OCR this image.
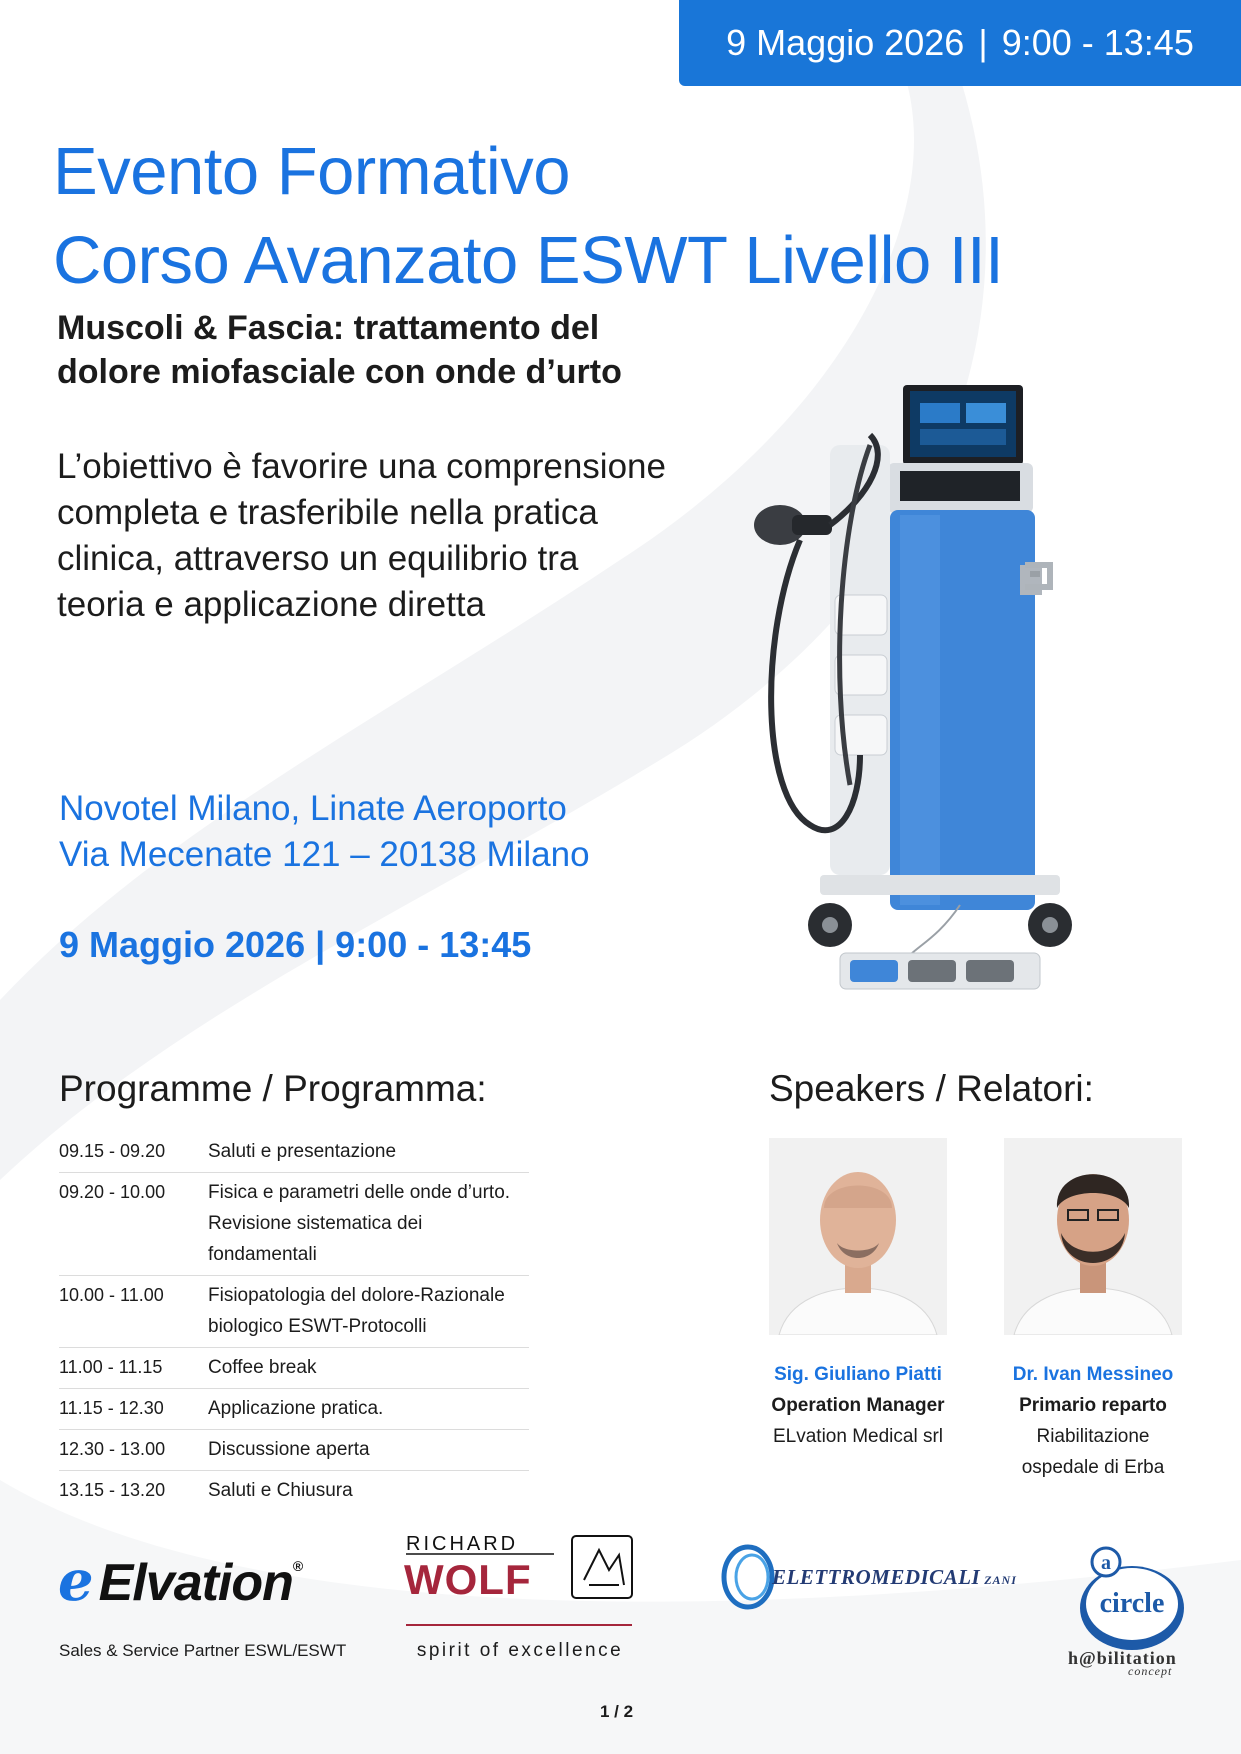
9 Maggio 2026 | 9:00 - 13:45
Evento Formativo
Corso Avanzato ESWT Livello III
Muscoli & Fascia: trattamento del
dolore miofasciale con onde d’urto
L’obiettivo è favorire una comprensione
completa e trasferibile nella pratica
clinica, attraverso un equilibrio tra
teoria e applicazione diretta
Novotel Milano, Linate Aeroporto
Via Mecenate 121 – 20138 Milano
9 Maggio 2026 | 9:00 - 13:45
Programme / Programma:
09.15 - 09.20	Saluti e presentazione

09.20 - 10.00	Fisica e parametri delle onde d’urto.
Revisione sistematica dei fondamentali

10.00 - 11.00	Fisiopatologia del dolore-Razionale
biologico ESWT-Protocolli

11.00 - 11.15	Coffee break

11.15 - 12.30	Applicazione pratica.

12.30 - 13.00	Discussione aperta

13.15 - 13.20	Saluti e Chiusura
Speakers / Relatori:
Sig. Giuliano Piatti
Operation Manager
ELvation Medical srl
Dr. Ivan Messineo
Primario reparto
Riabilitazione
ospedale di Erba
ℯ Elvation®
Sales & Service Partner ESWL/ESWT
RICHARD
WOLF
spirit of excellence
ELETTROMEDICALI ZANI
a
circle
h@bilitation
concept
1 / 2
